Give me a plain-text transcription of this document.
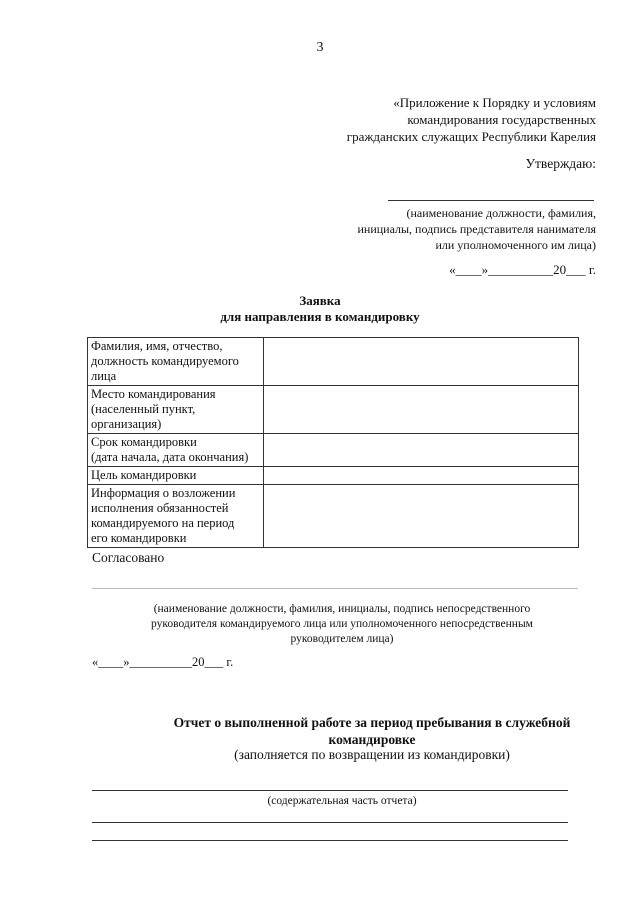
3
«Приложение к Порядку и условиям
командирования государственных
гражданских служащих Республики Карелия
Утверждаю:
(наименование должности, фамилия,
инициалы, подпись представителя нанимателя
или уполномоченного им лица)
«____»__________20___ г.
Заявка
для направления в командировку
Фамилия, имя, отчество,
должность командируемого
лица	

Место командирования
(населенный пункт,
организация)	

Срок командировки
(дата начала, дата окончания)	

Цель командировки	

Информация о возложении
исполнения обязанностей
командируемого на период
его командировки	

Согласовано
(наименование должности, фамилия, инициалы, подпись непосредственного
руководителя командируемого лица или уполномоченного непосредственным
руководителем лица)
«____»__________20___ г.
Отчет о выполненной работе за период пребывания в служебной
командировке
(заполняется по возвращении из командировки)
(содержательная часть отчета)
